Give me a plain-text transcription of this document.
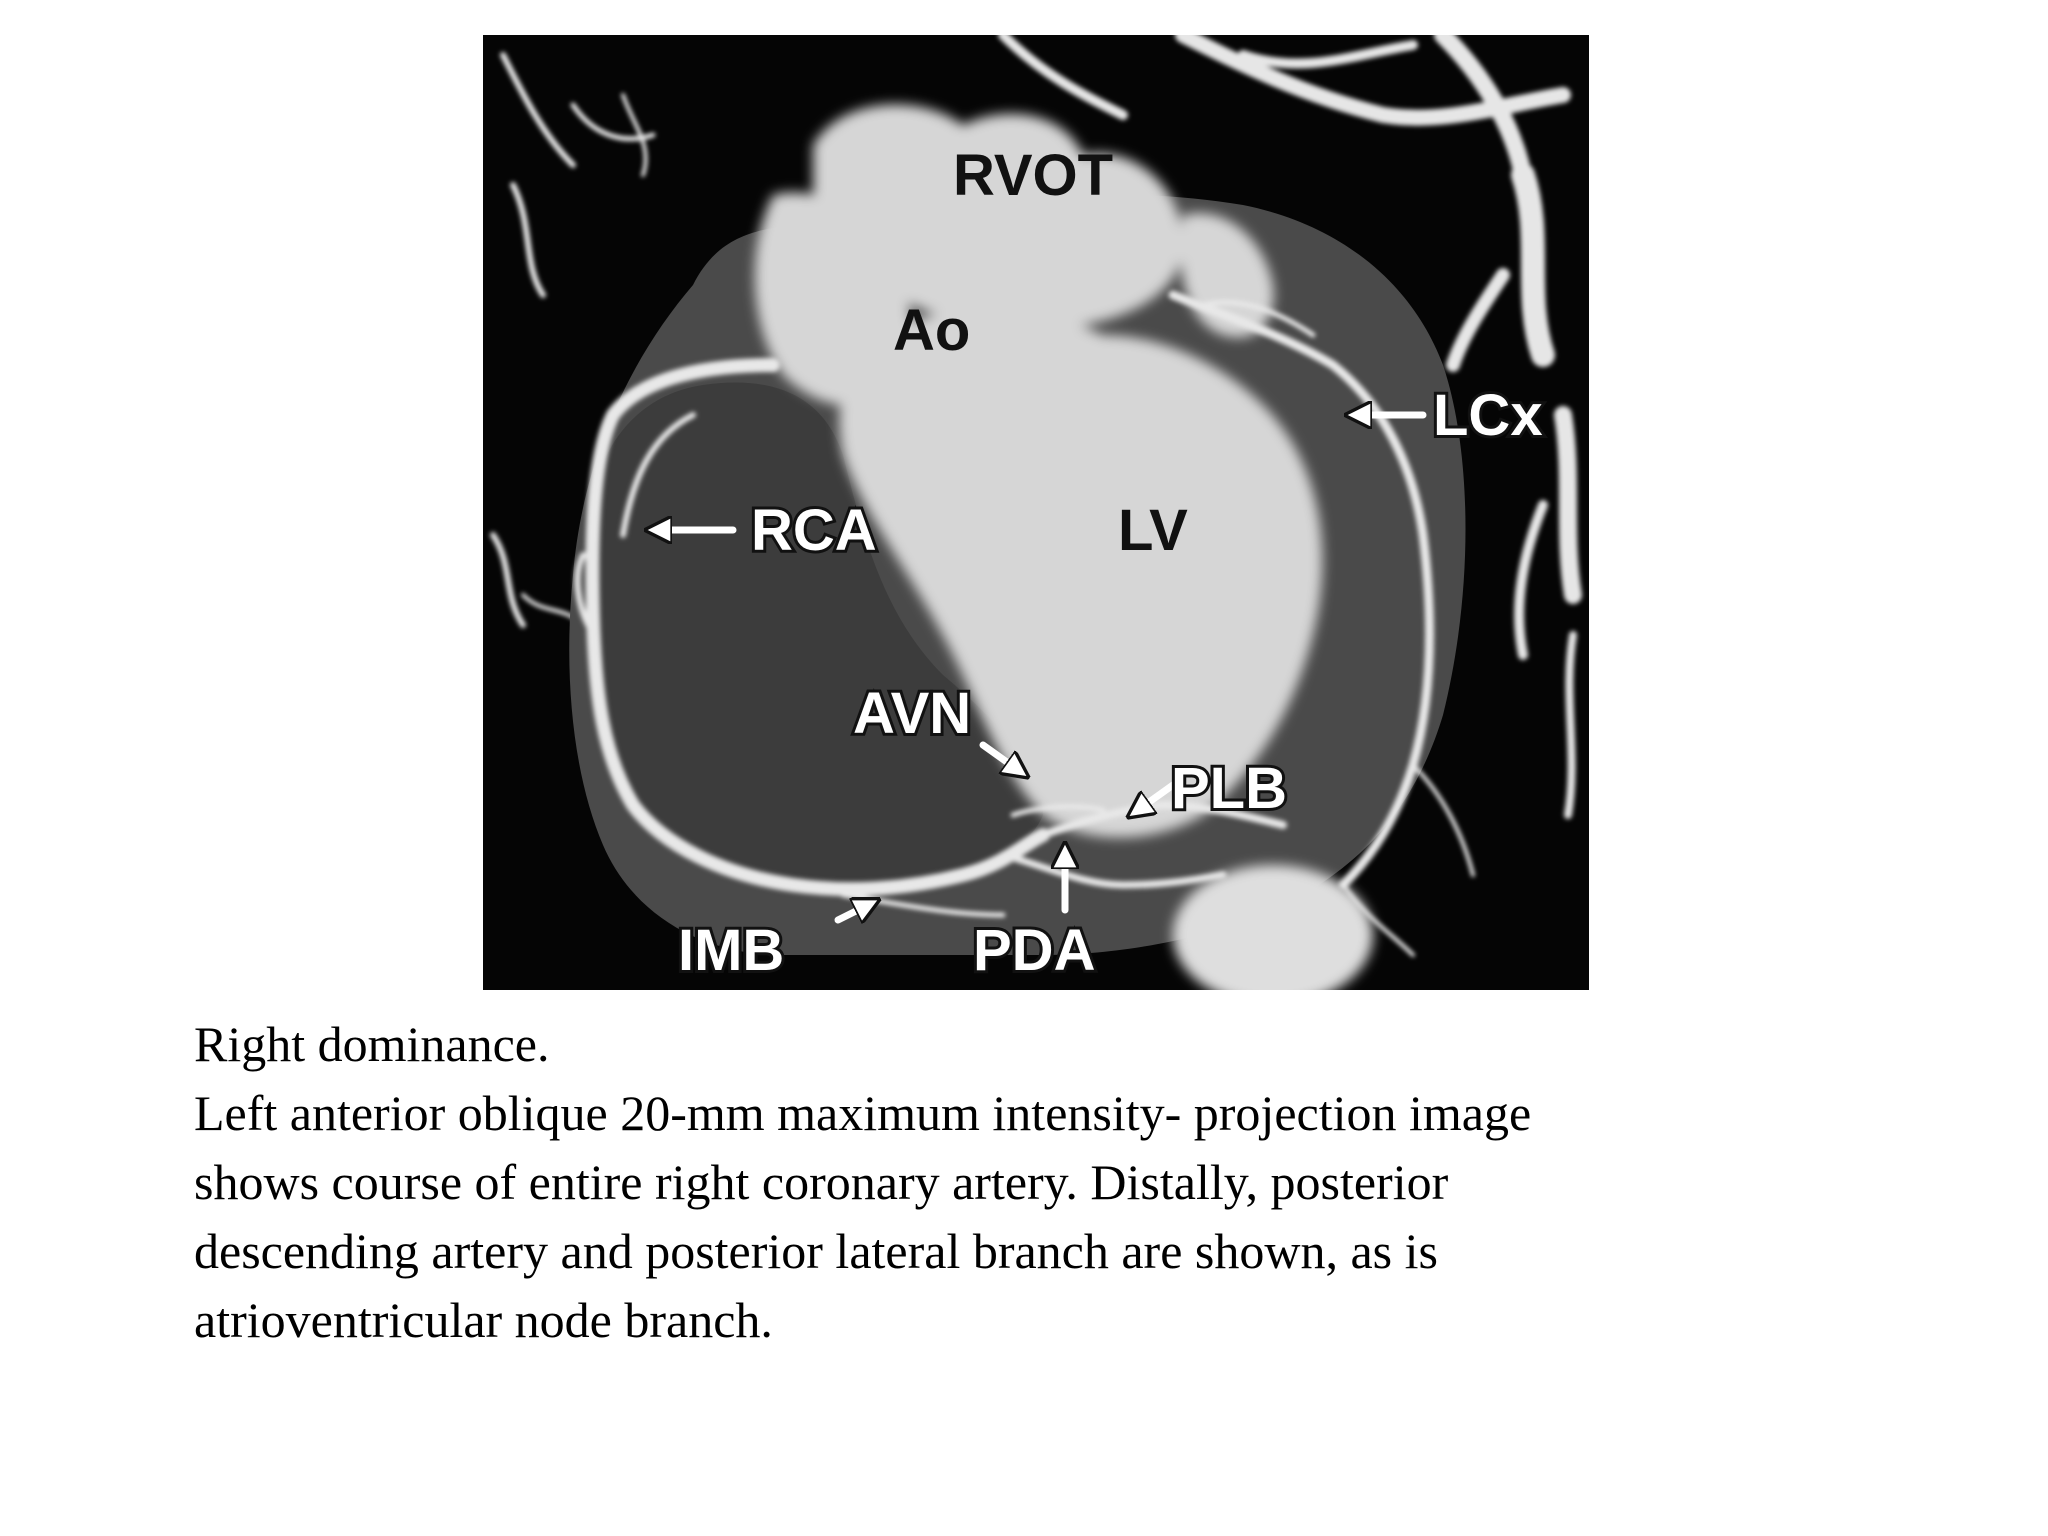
RVOT
Ao
LCx
RCA	LV
AVN
PLB
IMB	PDA
Right dominance.
Left anterior oblique 20-mm maximum intensity- projection image
shows course of entire right coronary artery. Distally, posterior
descending artery and posterior lateral branch are shown, as is
atrioventricular node branch.
